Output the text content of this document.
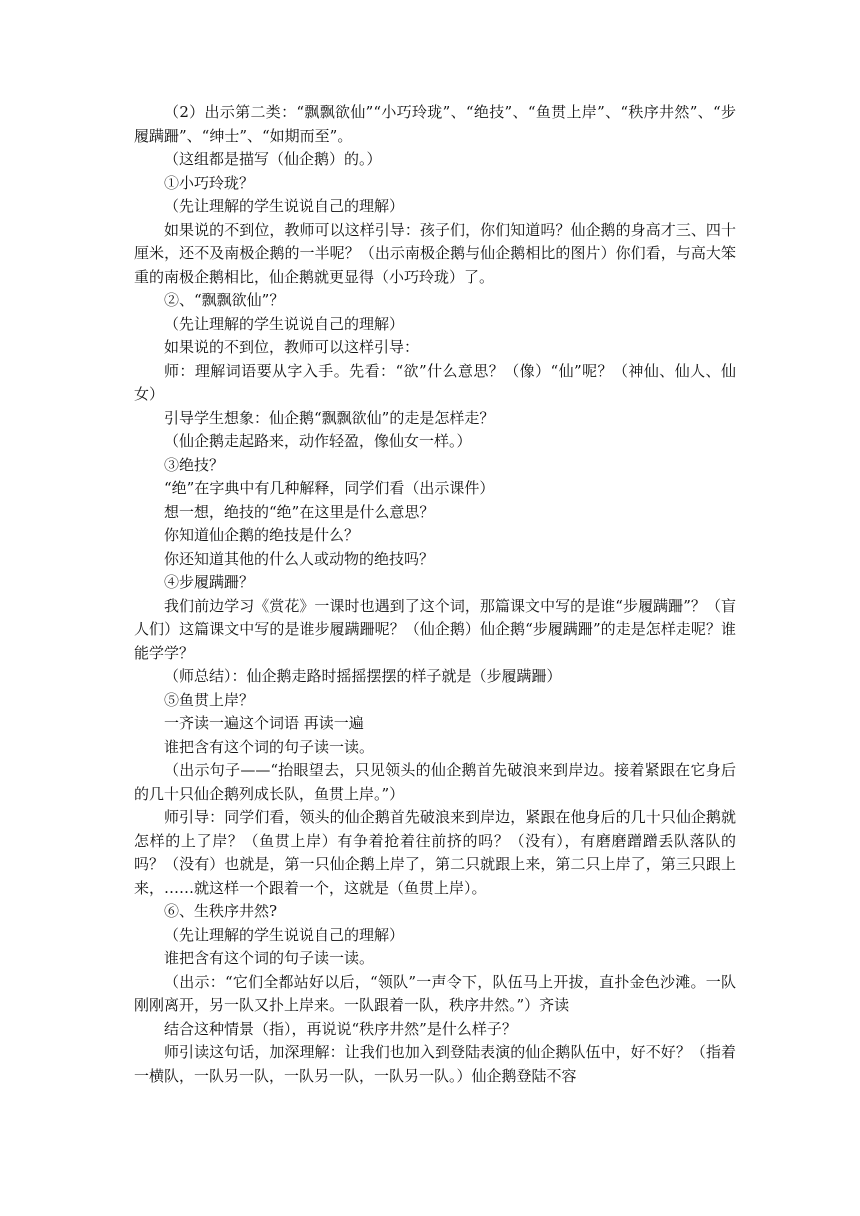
（2）出示第二类：“飘飘欲仙”“小巧玲珑”、“绝技”、“鱼贯上岸”、“秩序井然”、“步履蹒跚”、“绅士”、“如期而至”。

（这组都是描写（仙企鹅）的。）

①小巧玲珑？

（先让理解的学生说说自己的理解）

如果说的不到位，教师可以这样引导：孩子们，你们知道吗？仙企鹅的身高才三、四十厘米，还不及南极企鹅的一半呢？（出示南极企鹅与仙企鹅相比的图片）你们看，与高大笨重的南极企鹅相比，仙企鹅就更显得（小巧玲珑）了。

②、“飘飘欲仙”？

（先让理解的学生说说自己的理解）

如果说的不到位，教师可以这样引导：

师：理解词语要从字入手。先看：“欲”什么意思？（像）“仙”呢？（神仙、仙人、仙女）

引导学生想象：仙企鹅“飘飘欲仙”的走是怎样走？

（仙企鹅走起路来，动作轻盈，像仙女一样。）

③绝技？

“绝”在字典中有几种解释，同学们看（出示课件）

想一想，绝技的“绝”在这里是什么意思？

你知道仙企鹅的绝技是什么？

你还知道其他的什么人或动物的绝技吗？

④步履蹒跚？

我们前边学习《赏花》一课时也遇到了这个词，那篇课文中写的是谁“步履蹒跚”？（盲人们）这篇课文中写的是谁步履蹒跚呢？（仙企鹅）仙企鹅“步履蹒跚”的走是怎样走呢？谁能学学？

（师总结）：仙企鹅走路时摇摇摆摆的样子就是（步履蹒跚）

⑤鱼贯上岸？

一齐读一遍这个词语 再读一遍

谁把含有这个词的句子读一读。

（出示句子——“抬眼望去，只见领头的仙企鹅首先破浪来到岸边。接着紧跟在它身后的几十只仙企鹅列成长队，鱼贯上岸。”）

师引导：同学们看，领头的仙企鹅首先破浪来到岸边，紧跟在他身后的几十只仙企鹅就怎样的上了岸？（鱼贯上岸）有争着抢着往前挤的吗？（没有），有磨磨蹭蹭丢队落队的吗？（没有）也就是，第一只仙企鹅上岸了，第二只就跟上来，第二只上岸了，第三只跟上来，……就这样一个跟着一个，这就是（鱼贯上岸）。

⑥、生秩序井然?

（先让理解的学生说说自己的理解）

谁把含有这个词的句子读一读。

（出示：“它们全都站好以后，“领队”一声令下，队伍马上开拔，直扑金色沙滩。一队刚刚离开，另一队又扑上岸来。一队跟着一队，秩序井然。”）齐读

结合这种情景（指），再说说“秩序井然”是什么样子？

师引读这句话，加深理解：让我们也加入到登陆表演的仙企鹅队伍中，好不好？（指着一横队，一队另一队，一队另一队，一队另一队。）仙企鹅登陆不容
